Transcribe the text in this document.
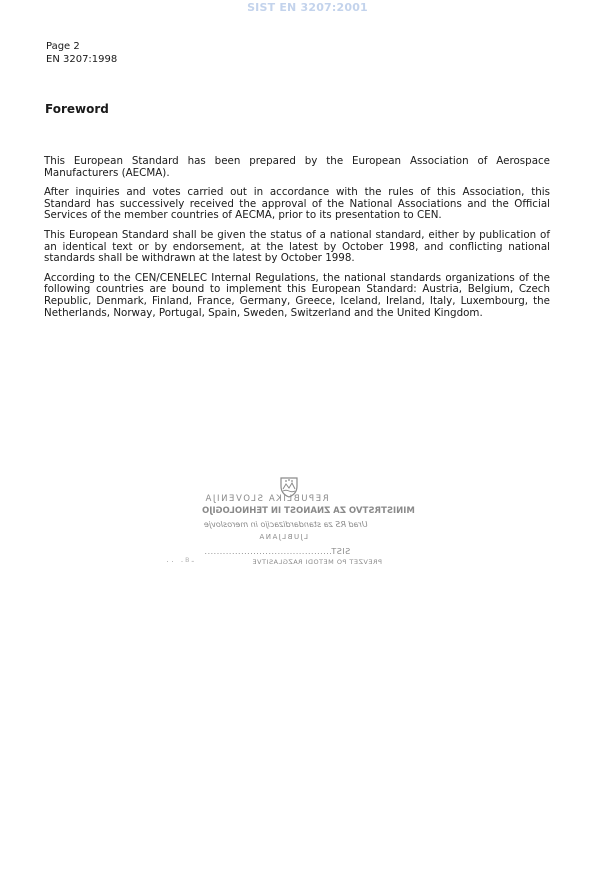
SIST EN 3207:2001
Page 2
EN 3207:1998
Foreword

This European Standard has been prepared by the European Association of Aerospace Manufacturers (AECMA).

After inquiries and votes carried out in accordance with the rules of this Association, this Standard has successively received the approval of the National Associations and the Official Services of the member countries of AECMA, prior to its presentation to CEN.

This European Standard shall be given the status of a national standard, either by publication of an identical text or by endorsement, at the latest by October 1998, and conflicting national standards shall be withdrawn at the latest by October 1998.

According to the CEN/CENELEC Internal Regulations, the national standards organizations of the following countries are bound to implement this European Standard: Austria, Belgium, Czech Republic, Denmark, Finland, France, Germany, Greece, Iceland, Ireland, Italy, Luxembourg, the Netherlands, Norway, Portugal, Spain, Sweden, Switzerland and the United Kingdom.

REPUBLIKA SLOVENIJA
MINISTRSTVO ZA ZNANOST IN TEHNOLOGIJO
Urad RS za standardizacijo in meroslovje
LJUBLJANA
SIST..........................................
PREVZET PO METODI RAZGLASITVE
·· ·ᴮ-
